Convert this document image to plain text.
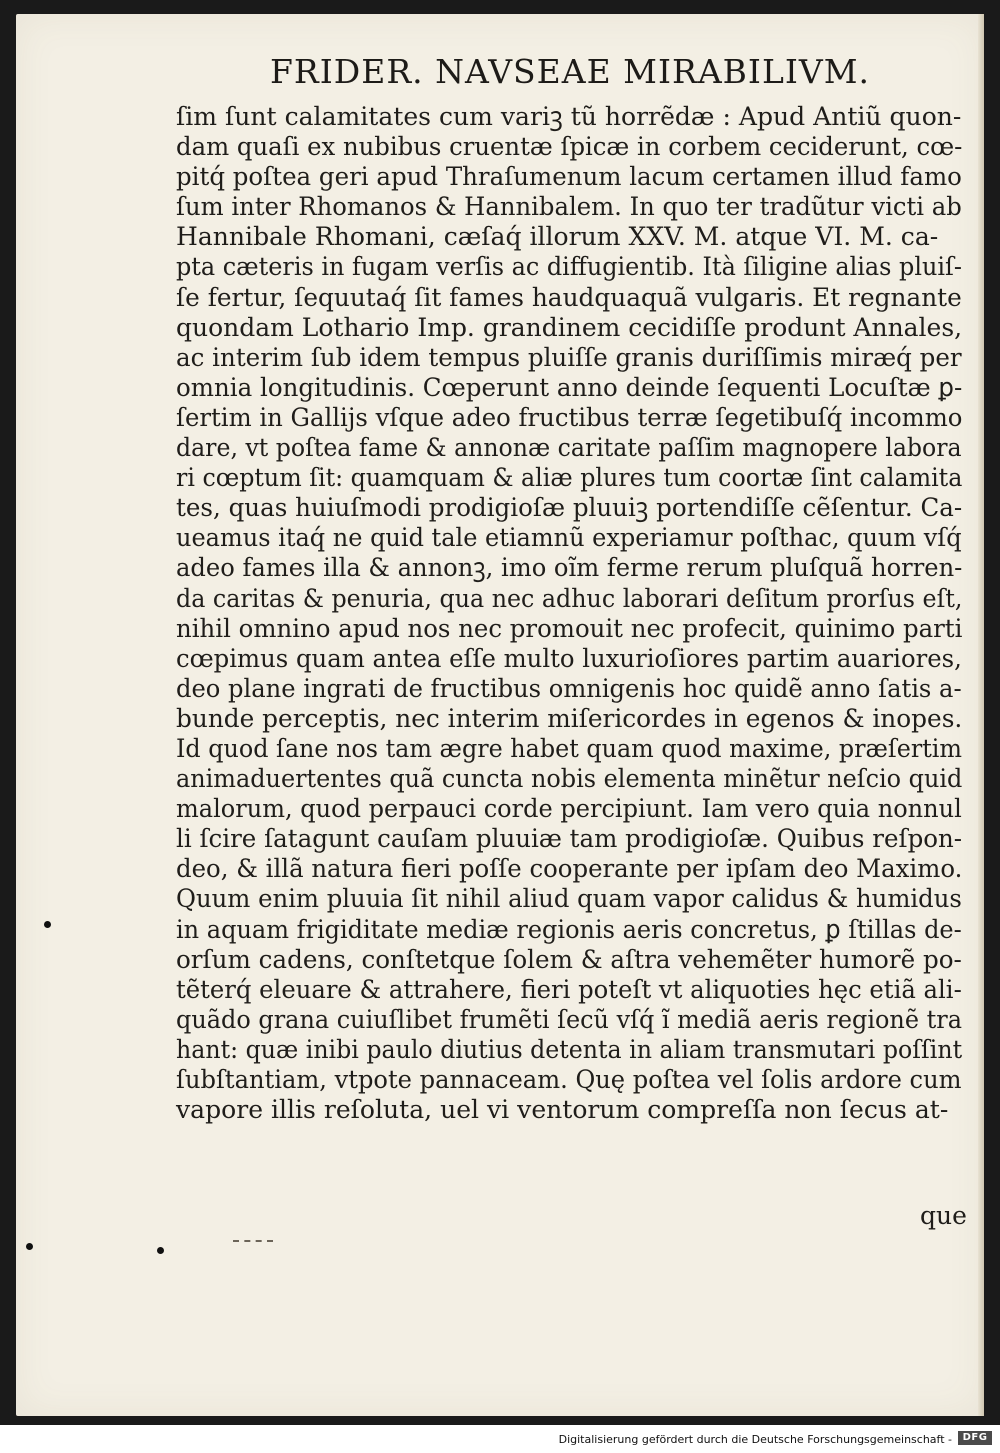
FRIDER. NAVSEAE MIRABILIVM.
ſim ſunt calamitates cum variꝫ tũ horrẽdæ : Apud Antiũ quon-
dam quaſi ex nubibus cruentæ ſpicæ in corbem ceciderunt, cœ-
pitq́ poſtea geri apud Thraſumenum lacum certamen illud famo
ſum inter Rhomanos & Hannibalem. In quo ter tradũtur victi ab
Hannibale Rhomani, cæſaq́ illorum XXV. M. atque VI. M. ca-
pta cæteris in fugam verſis ac diffugientib. Ità ſiligine alias pluiſ-
ſe fertur, ſequutaq́ ſit fames haudquaquã vulgaris. Et regnante
quondam Lothario Imp. grandinem cecidiſſe produnt Annales,
ac interim ſub idem tempus pluiſſe granis duriſſimis miræq́ per
omnia longitudinis. Cœperunt anno deinde ſequenti Locuſtæ ꝑ-
ſertim in Gallijs vſque adeo fructibus terræ ſegetibuſq́ incommo
dare, vt poſtea fame & annonæ caritate paſſim magnopere labora
ri cœptum ſit: quamquam & aliæ plures tum coortæ ſint calamita
tes, quas huiuſmodi prodigioſæ pluuiꝫ portendiſſe cẽſentur. Ca-
ueamus itaq́ ne quid tale etiamnũ experiamur poſthac, quum vſq́
adeo fames illa & annonꝫ, imo oĩm ferme rerum pluſquã horren-
da caritas & penuria, qua nec adhuc laborari deſitum prorſus eſt,
nihil omnino apud nos nec promouit nec profecit, quinimo parti
cœpimus quam antea eſſe multo luxurioſiores partim auariores,
deo plane ingrati de fructibus omnigenis hoc quidẽ anno ſatis a-
bunde perceptis, nec interim miſericordes in egenos & inopes.
Id quod ſane nos tam ægre habet quam quod maxime, præſertim
animaduertentes quã cuncta nobis elementa minẽtur neſcio quid
malorum, quod perpauci corde percipiunt. Iam vero quia nonnul
li ſcire ſatagunt cauſam pluuiæ tam prodigioſæ. Quibus reſpon-
deo, & illã natura fieri poſſe cooperante per ipſam deo Maximo.
Quum enim pluuia ſit nihil aliud quam vapor calidus & humidus
in aquam frigiditate mediæ regionis aeris concretus, ꝑ ſtillas de-
orſum cadens, conſtetque ſolem & aſtra vehemẽter humorẽ po-
tẽterq́ eleuare & attrahere, fieri poteſt vt aliquoties hęc etiã ali-
quãdo grana cuiuſlibet frumẽti ſecũ vſq́ ĩ mediã aeris regionẽ tra
hant: quæ inibi paulo diutius detenta in aliam transmutari poſſint
ſubſtantiam, vtpote pannaceam. Quę poſtea vel ſolis ardore cum
vapore illis reſoluta, uel vi ventorum compreſſa non ſecus at-
que
Digitalisierung gefördert durch die Deutsche Forschungsgemeinschaft -	DFG
